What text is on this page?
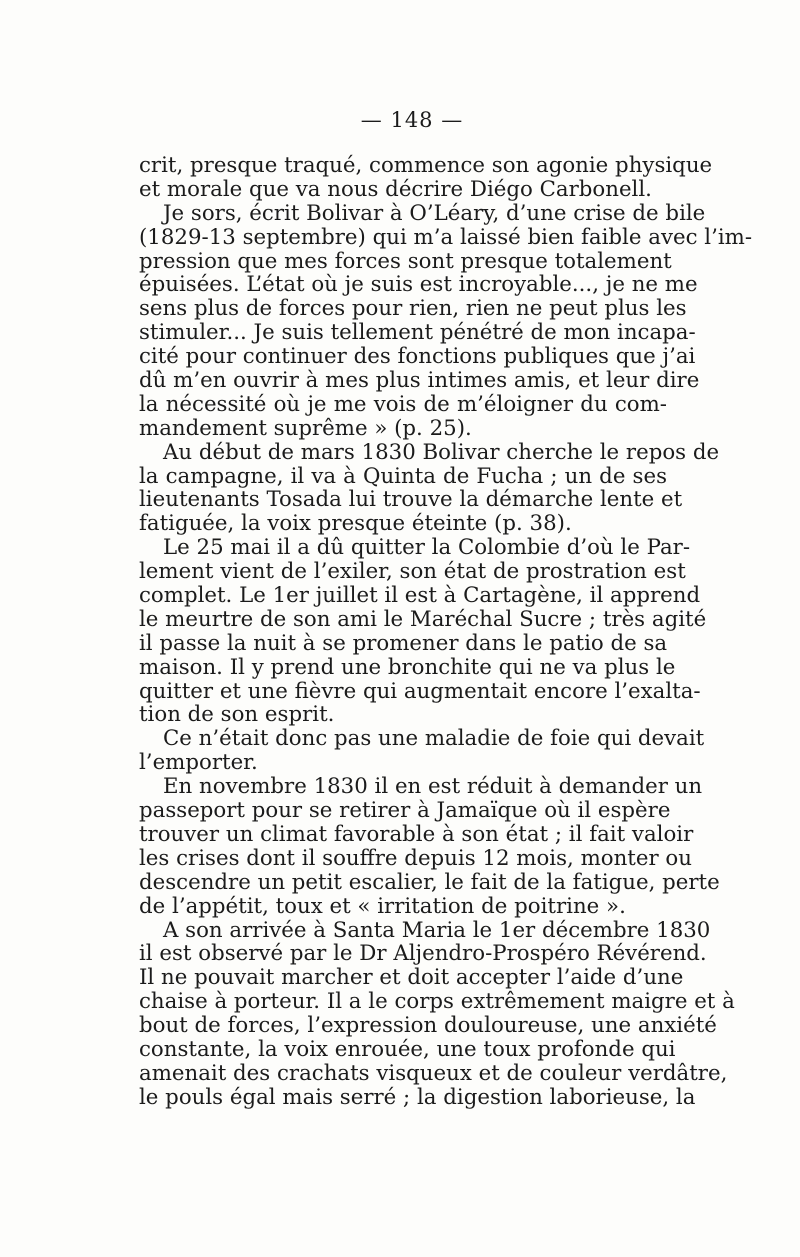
— 148 —
crit, presque traqué, commence son agonie physique
et morale que va nous décrire Diégo Carbonell.
Je sors, écrit Bolivar à O’Léary, d’une crise de bile
(1829-13 septembre) qui m’a laissé bien faible avec l’im-
pression que mes forces sont presque totalement
épuisées. L’état où je suis est incroyable..., je ne me
sens plus de forces pour rien, rien ne peut plus les
stimuler... Je suis tellement pénétré de mon incapa-
cité pour continuer des fonctions publiques que j’ai
dû m’en ouvrir à mes plus intimes amis, et leur dire
la nécessité où je me vois de m’éloigner du com-
mandement suprême » (p. 25).
Au début de mars 1830 Bolivar cherche le repos de
la campagne, il va à Quinta de Fucha ; un de ses
lieutenants Tosada lui trouve la démarche lente et
fatiguée, la voix presque éteinte (p. 38).
Le 25 mai il a dû quitter la Colombie d’où le Par-
lement vient de l’exiler, son état de prostration est
complet. Le 1er juillet il est à Cartagène, il apprend
le meurtre de son ami le Maréchal Sucre ; très agité
il passe la nuit à se promener dans le patio de sa
maison. Il y prend une bronchite qui ne va plus le
quitter et une fièvre qui augmentait encore l’exalta-
tion de son esprit.
Ce n’était donc pas une maladie de foie qui devait
l’emporter.
En novembre 1830 il en est réduit à demander un
passeport pour se retirer à Jamaïque où il espère
trouver un climat favorable à son état ; il fait valoir
les crises dont il souffre depuis 12 mois, monter ou
descendre un petit escalier, le fait de la fatigue, perte
de l’appétit, toux et « irritation de poitrine ».
A son arrivée à Santa Maria le 1er décembre 1830
il est observé par le Dr Aljendro-Prospéro Révérend.
Il ne pouvait marcher et doit accepter l’aide d’une
chaise à porteur. Il a le corps extrêmement maigre et à
bout de forces, l’expression douloureuse, une anxiété
constante, la voix enrouée, une toux profonde qui
amenait des crachats visqueux et de couleur verdâtre,
le pouls égal mais serré ; la digestion laborieuse, la
